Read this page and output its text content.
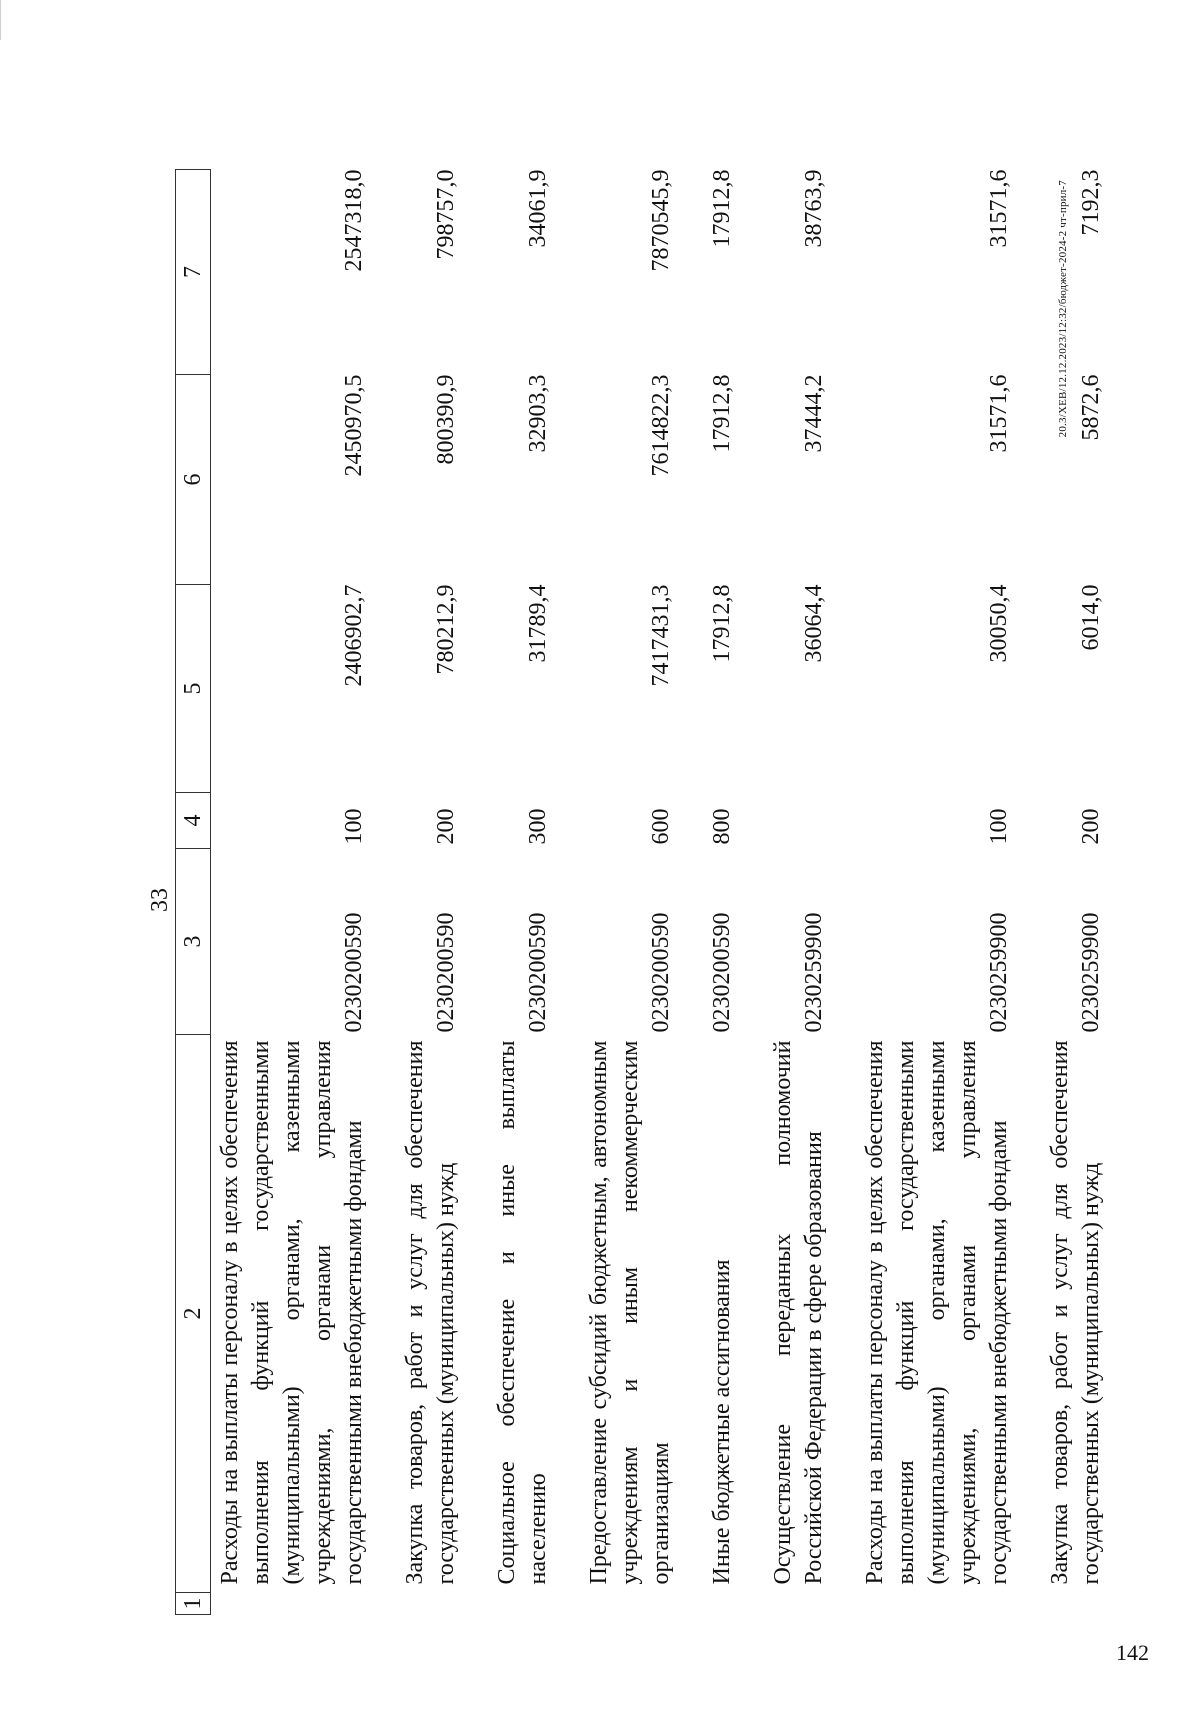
142
33
1	2	3	4	5	6	7
	Расходы на выплаты персоналу в целях обеспечения выполнения функций государственными (муниципальными) органами, казенными учреждениями, органами управления государственными внебюджетными фондами	0230200590	100	2406902,7	2450970,5	2547318,0
	Закупка товаров, работ и услуг для обеспечения государственных (муниципальных) нужд	0230200590	200	780212,9	800390,9	798757,0
	Социальное обеспечение и иные выплаты населению	0230200590	300	31789,4	32903,3	34061,9
	Предоставление субсидий бюджетным, автономным учреждениям и иным некоммерческим организациям	0230200590	600	7417431,3	7614822,3	7870545,9
	Иные бюджетные ассигнования	0230200590	800	17912,8	17912,8	17912,8
	Осуществление переданных полномочий Российской Федерации в сфере образования	0230259900		36064,4	37444,2	38763,9
	Расходы на выплаты персоналу в целях обеспечения выполнения функций государственными (муниципальными) органами, казенными учреждениями, органами управления государственными внебюджетными фондами	0230259900	100	30050,4	31571,6	31571,6
	Закупка товаров, работ и услуг для обеспечения государственных (муниципальных) нужд	0230259900	200	6014,0	5872,6	7192,3
20.3/ХЕВ/12.12.2023/12:32/бюджет-2024-2 чт-прил-7
